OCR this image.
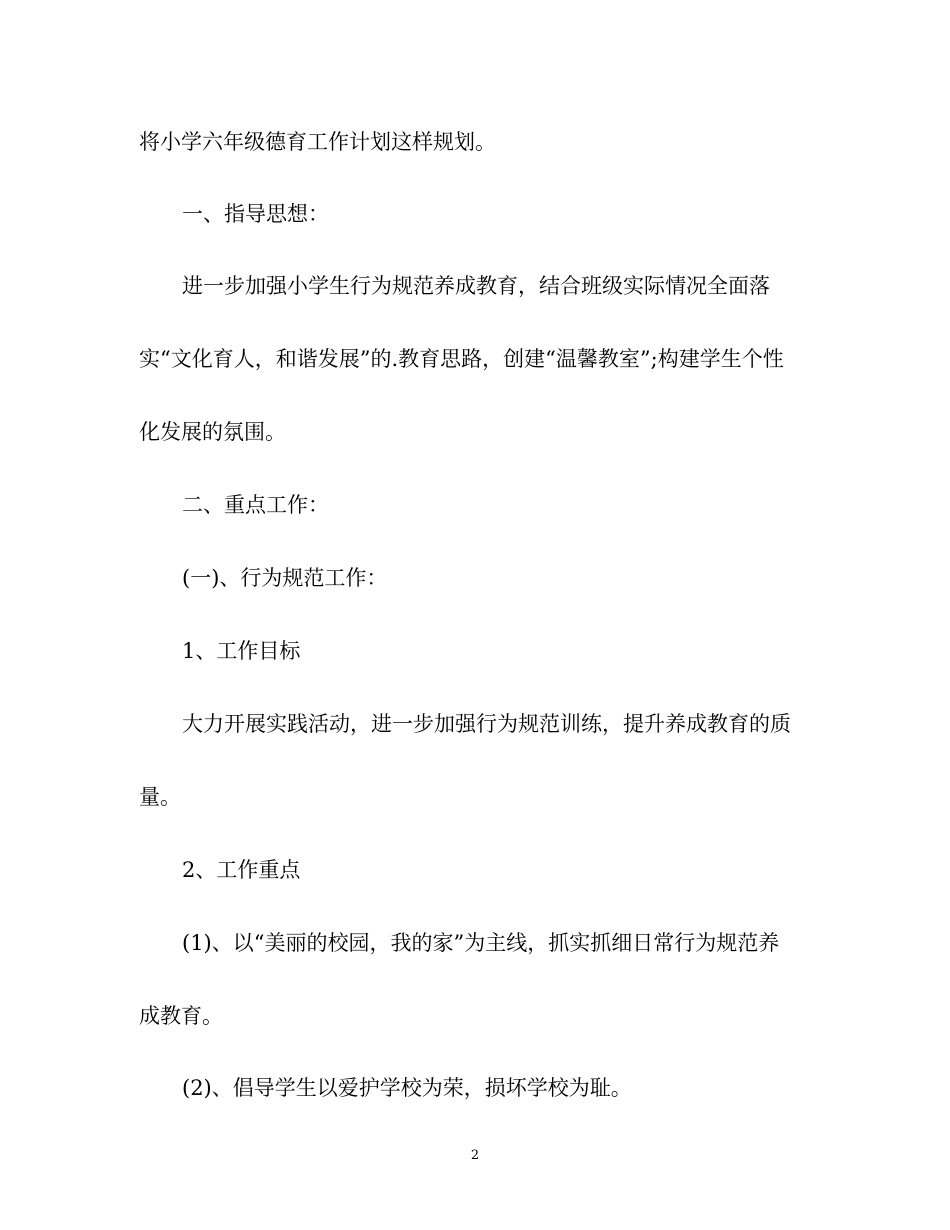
将小学六年级德育工作计划这样规划。
一、指导思想：
进一步加强小学生行为规范养成教育，结合班级实际情况全面落
实“文化育人，和谐发展”的.教育思路，创建“温馨教室”;构建学生个性
化发展的氛围。
二、重点工作：
(一)、行为规范工作：
1、工作目标
大力开展实践活动，进一步加强行为规范训练，提升养成教育的质
量。
2、工作重点
(1)、以“美丽的校园，我的家”为主线，抓实抓细日常行为规范养
成教育。
(2)、倡导学生以爱护学校为荣，损坏学校为耻。
2
